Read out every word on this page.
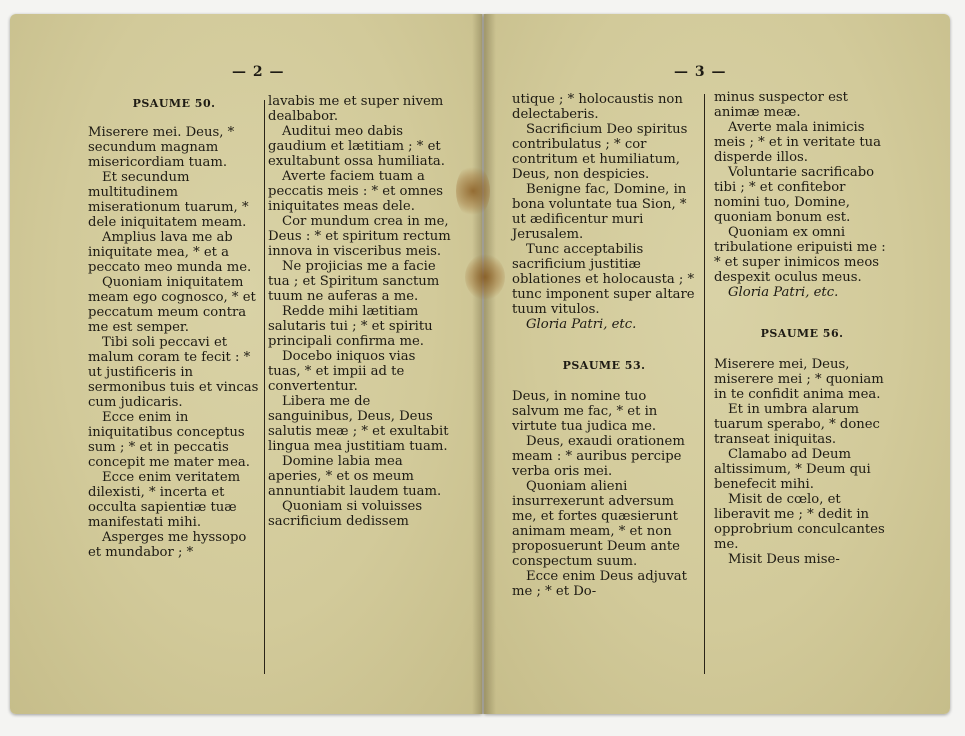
— 2 —
PSAUME 50.

Miserere mei. Deus, * secundum magnam misericordiam tuam.

Et secundum multitudinem miserationum tuarum, * dele iniquitatem meam.

Amplius lava me ab iniquitate mea, * et a peccato meo munda me.

Quoniam iniquitatem meam ego cognosco, * et peccatum meum contra me est semper.

Tibi soli peccavi et malum coram te fecit : * ut justificeris in sermonibus tuis et vincas cum judicaris.

Ecce enim in iniquitatibus conceptus sum ; * et in peccatis concepit me mater mea.

Ecce enim veritatem dilexisti, * incerta et occulta sapientiæ tuæ manifestati mihi.

Asperges me hyssopo et mundabor ; *

lavabis me et super nivem dealbabor.

Auditui meo dabis gaudium et lætitiam ; * et exultabunt ossa humiliata.

Averte faciem tuam a peccatis meis : * et omnes iniquitates meas dele.

Cor mundum crea in me, Deus : * et spiritum rectum innova in visceribus meis.

Ne projicias me a facie tua ; et Spiritum sanctum tuum ne auferas a me.

Redde mihi lætitiam salutaris tui ; * et spiritu principali confirma me.

Docebo iniquos vias tuas, * et impii ad te convertentur.

Libera me de sanguinibus, Deus, Deus salutis meæ ; * et exultabit lingua mea justitiam tuam.

Domine labia mea aperies, * et os meum annuntiabit laudem tuam.

Quoniam si voluisses sacrificium dedissem

— 3 —

utique ; * holocaustis non delectaberis.

Sacrificium Deo spiritus contribulatus ; * cor contritum et humiliatum, Deus, non despicies.

Benigne fac, Domine, in bona voluntate tua Sion, * ut ædificentur muri Jerusalem.

Tunc acceptabilis sacrificium justitiæ oblationes et holocausta ; * tunc imponent super altare tuum vitulos.

Gloria Patri, etc.

PSAUME 53.

Deus, in nomine tuo salvum me fac, * et in virtute tua judica me.

Deus, exaudi orationem meam : * auribus percipe verba oris mei.

Quoniam alieni insurrexerunt adversum me, et fortes quæsierunt animam meam, * et non proposuerunt Deum ante conspectum suum.

Ecce enim Deus adjuvat me ; * et Do-

minus suspector est animæ meæ.

Averte mala inimicis meis ; * et in veritate tua disperde illos.

Voluntarie sacrificabo tibi ; * et confitebor nomini tuo, Domine, quoniam bonum est.

Quoniam ex omni tribulatione eripuisti me : * et super inimicos meos despexit oculus meus.

Gloria Patri, etc.

PSAUME 56.

Miserere mei, Deus, miserere mei ; * quoniam in te confidit anima mea.

Et in umbra alarum tuarum sperabo, * donec transeat iniquitas.

Clamabo ad Deum altissimum, * Deum qui benefecit mihi.

Misit de cœlo, et liberavit me ; * dedit in opprobrium conculcantes me.

Misit Deus mise-
